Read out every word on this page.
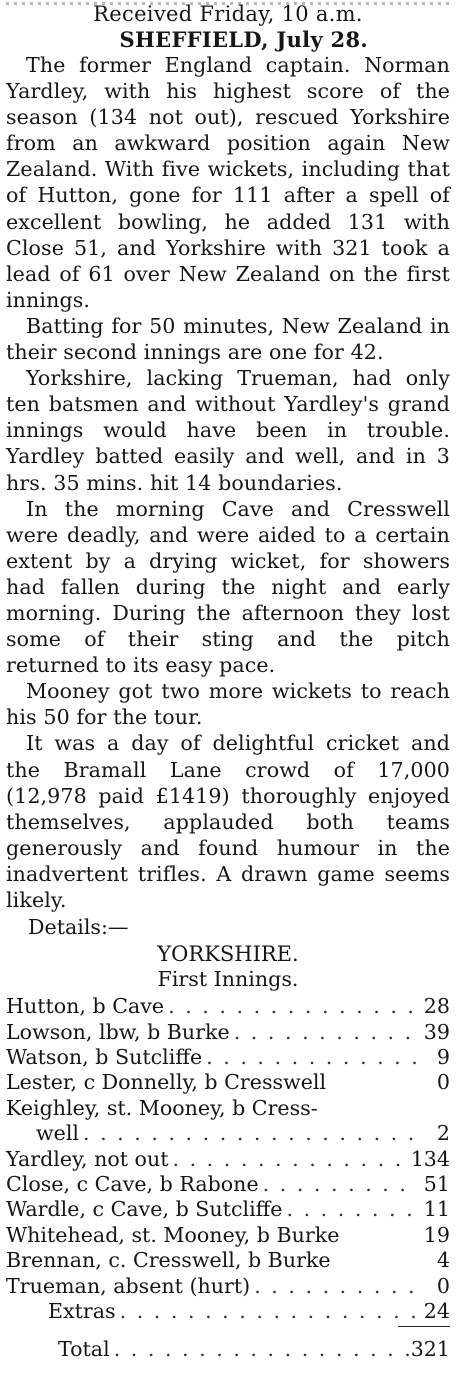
Received Friday, 10 a.m.
SHEFFIELD, July 28.

The former England captain. Norman Yardley, with his highest score of the season (134 not out), rescued Yorkshire from an awkward position again New Zealand. With five wickets, including that of Hutton, gone for 111 after a spell of excellent bowling, he added 131 with Close 51, and Yorkshire with 321 took a lead of 61 over New Zealand on the first innings.

Batting for 50 minutes, New Zealand in their second innings are one for 42.

Yorkshire, lacking Trueman, had only ten batsmen and without Yardley's grand innings would have been in trouble. Yardley batted easily and well, and in 3 hrs. 35 mins. hit 14 boundaries.

In the morning Cave and Cresswell were deadly, and were aided to a certain extent by a drying wicket, for showers had fallen during the night and early morning. During the afternoon they lost some of their sting and the pitch returned to its easy pace.

Mooney got two more wickets to reach his 50 for the tour.

It was a day of delightful cricket and the Bramall Lane crowd of 17,000 (12,978 paid £1419) thoroughly enjoyed themselves, applauded both teams generously and found humour in the inadvertent trifles. A drawn game seems likely.

Details:—
YORKSHIRE.
First Innings.
Hutton, b Cave . . .	28
Lowson, lbw, b Burke . . .	39
Watson, b Sutcliffe . . .	9
Lester, c Donnelly, b Cresswell	0
Keighley, st. Mooney, b Cress-
well . . .	2
Yardley, not out . . .	134
Close, c Cave, b Rabone . . .	51
Wardle, c Cave, b Sutcliffe . . .	11
Whitehead, st. Mooney, b Burke	19
Brennan, c. Cresswell, b Burke	4
Trueman, absent (hurt) . . .	0
Extras . . .	24
Total . . .	321
